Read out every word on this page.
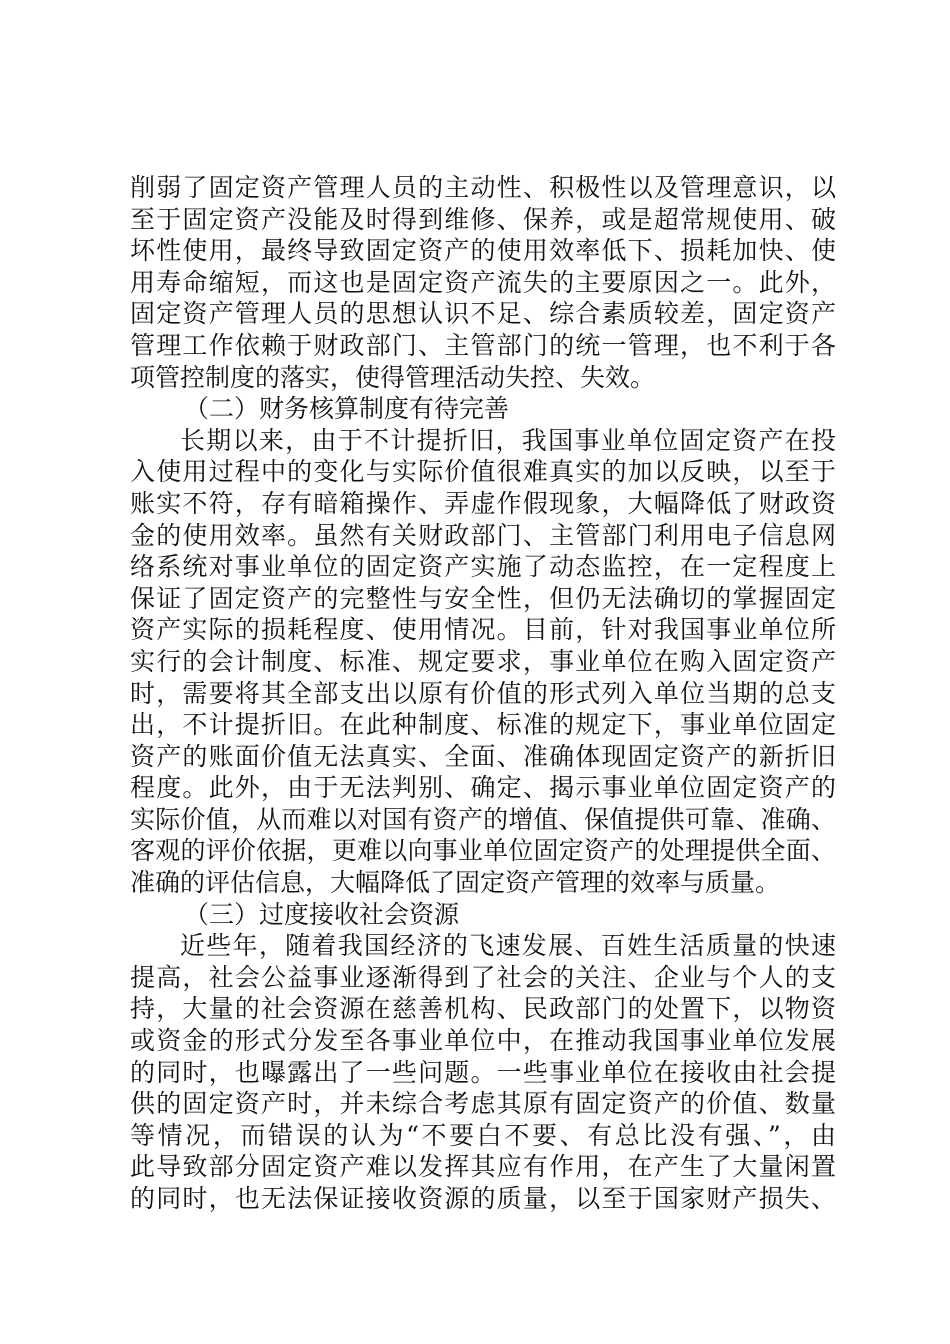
削弱了固定资产管理人员的主动性、积极性以及管理意识，以
至于固定资产没能及时得到维修、保养，或是超常规使用、破
坏性使用，最终导致固定资产的使用效率低下、损耗加快、使
用寿命缩短，而这也是固定资产流失的主要原因之一。此外，
固定资产管理人员的思想认识不足、综合素质较差，固定资产
管理工作依赖于财政部门、主管部门的统一管理，也不利于各
项管控制度的落实，使得管理活动失控、失效。
（二）财务核算制度有待完善
长期以来，由于不计提折旧，我国事业单位固定资产在投
入使用过程中的变化与实际价值很难真实的加以反映，以至于
账实不符，存有暗箱操作、弄虚作假现象，大幅降低了财政资
金的使用效率。虽然有关财政部门、主管部门利用电子信息网
络系统对事业单位的固定资产实施了动态监控，在一定程度上
保证了固定资产的完整性与安全性，但仍无法确切的掌握固定
资产实际的损耗程度、使用情况。目前，针对我国事业单位所
实行的会计制度、标准、规定要求，事业单位在购入固定资产
时，需要将其全部支出以原有价值的形式列入单位当期的总支
出，不计提折旧。在此种制度、标准的规定下，事业单位固定
资产的账面价值无法真实、全面、准确体现固定资产的新折旧
程度。此外，由于无法判别、确定、揭示事业单位固定资产的
实际价值，从而难以对国有资产的增值、保值提供可靠、准确、
客观的评价依据，更难以向事业单位固定资产的处理提供全面、
准确的评估信息，大幅降低了固定资产管理的效率与质量。
（三）过度接收社会资源
近些年，随着我国经济的飞速发展、百姓生活质量的快速
提高，社会公益事业逐渐得到了社会的关注、企业与个人的支
持，大量的社会资源在慈善机构、民政部门的处置下，以物资
或资金的形式分发至各事业单位中，在推动我国事业单位发展
的同时，也曝露出了一些问题。一些事业单位在接收由社会提
供的固定资产时，并未综合考虑其原有固定资产的价值、数量
等情况，而错误的认为“不要白不要、有总比没有强、”，由
此导致部分固定资产难以发挥其应有作用，在产生了大量闲置
的同时，也无法保证接收资源的质量，以至于国家财产损失、
